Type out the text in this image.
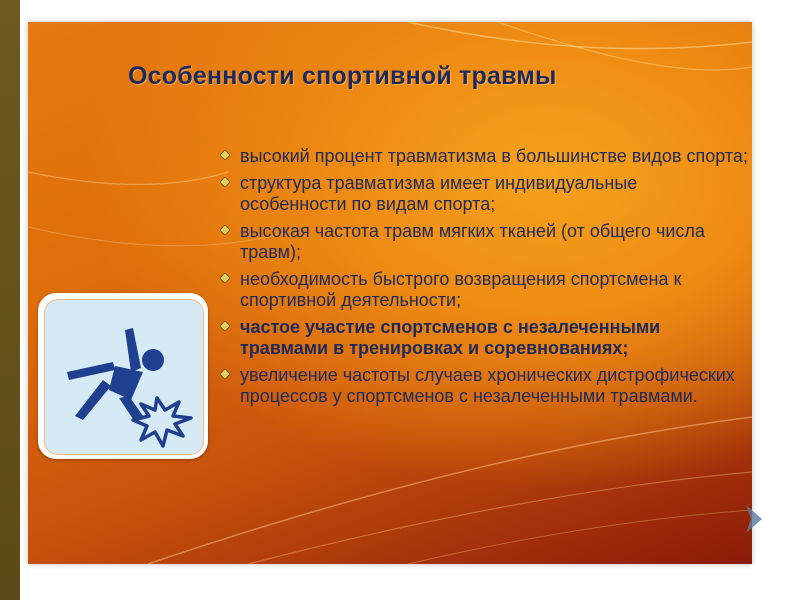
Особенности спортивной травмы
высокий процент травматизма в большинстве видов спорта;
структура травматизма имеет индивидуальные особенности по видам спорта;
высокая частота травм мягких тканей (от общего числа травм);
необходимость быстрого возвращения спортсмена к спортивной деятельности;
частое участие спортсменов с незалеченными травмами в тренировках и соревнованиях;
увеличение частоты случаев хронических дистрофических процессов у спортсменов с незалеченными травмами.
